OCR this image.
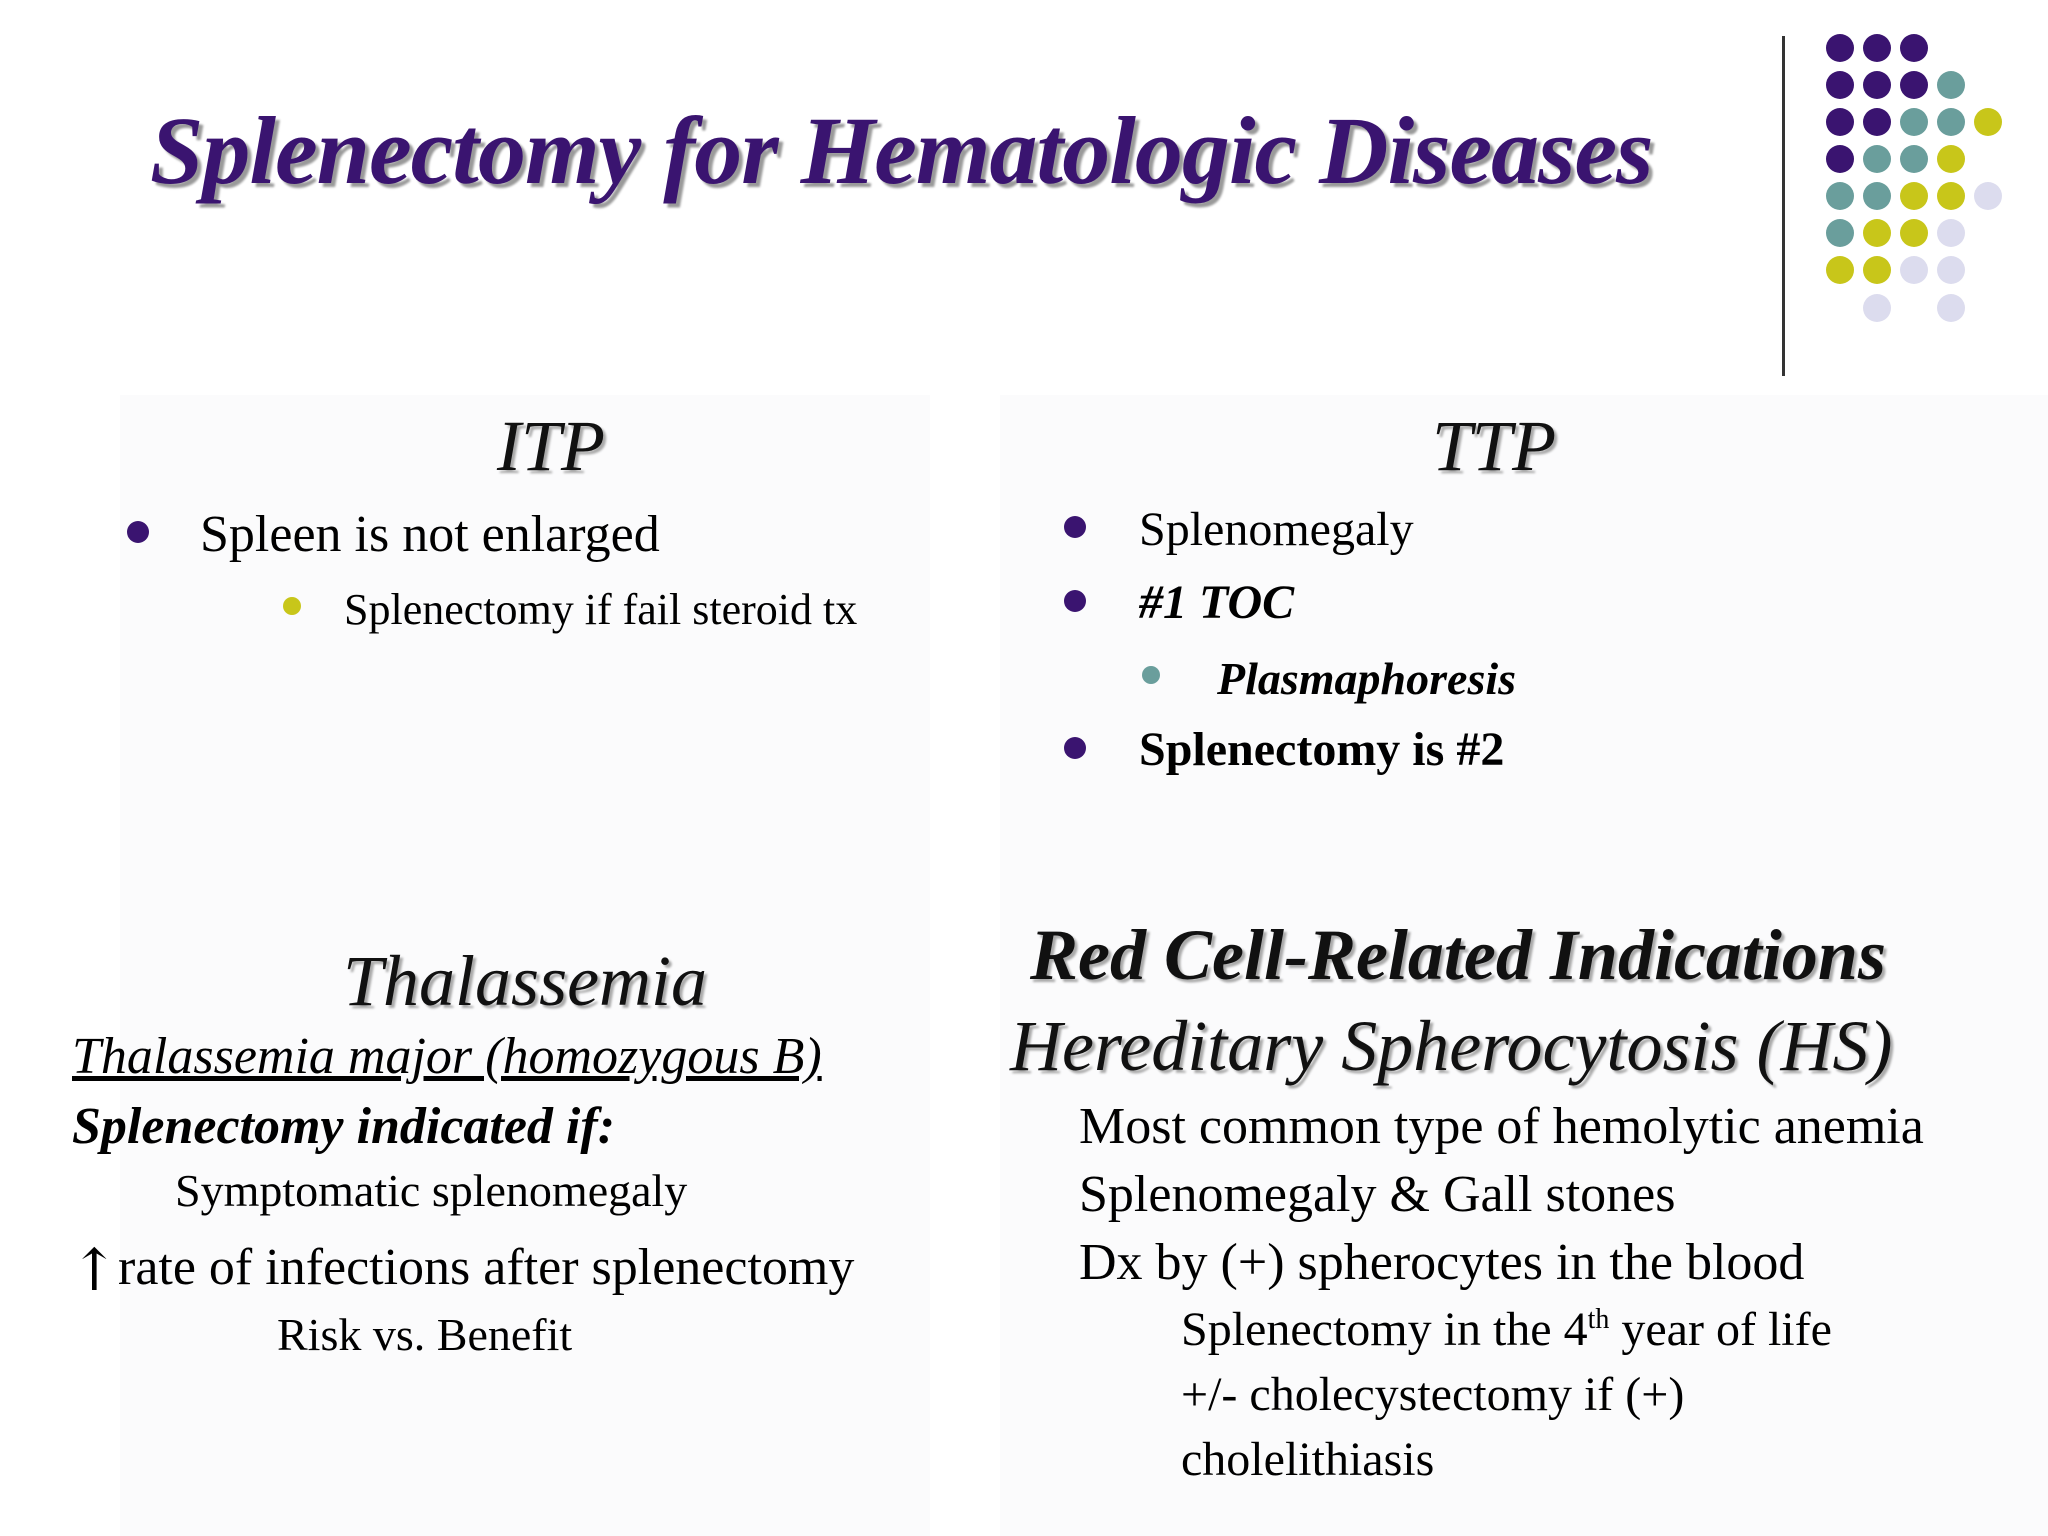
Splenectomy for Hematologic Diseases
ITP
Spleen is not enlarged
Splenectomy if fail steroid tx
TTP
Splenomegaly
#1 TOC
Plasmaphoresis
Splenectomy is #2
Thalassemia
Thalassemia major (homozygous B)
Splenectomy indicated if:
Symptomatic splenomegaly
↑ rate of infections after splenectomy
Risk vs. Benefit
Red Cell-Related Indications
Hereditary Spherocytosis (HS)
Most common type of hemolytic anemia
Splenomegaly & Gall stones
Dx by (+) spherocytes in the blood
Splenectomy in the 4th year of life
+/- cholecystectomy if (+)
cholelithiasis
